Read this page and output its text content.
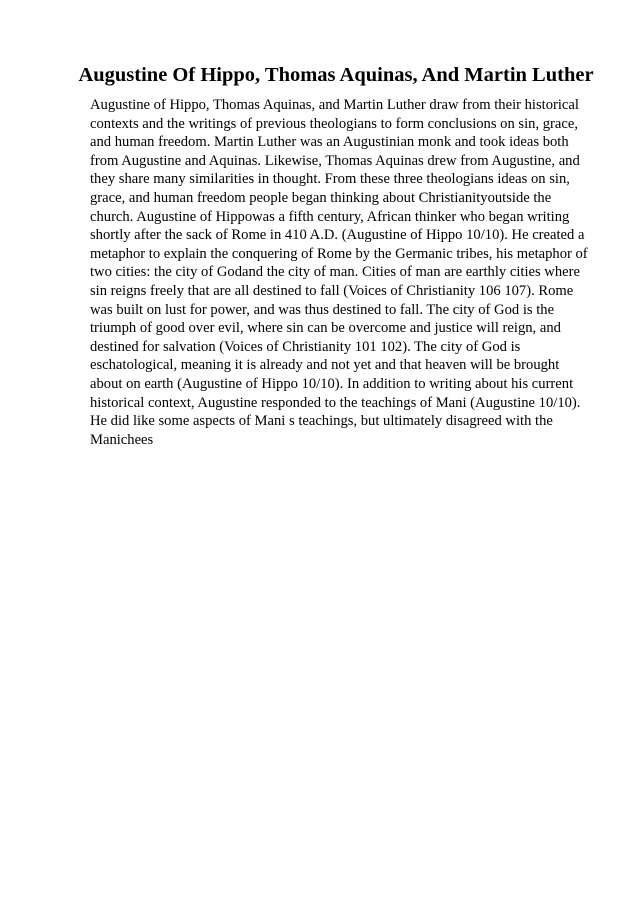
Augustine Of Hippo, Thomas Aquinas, And Martin Luther
Augustine of Hippo, Thomas Aquinas, and Martin Luther draw from their historical
contexts and the writings of previous theologians to form conclusions on sin, grace,
and human freedom. Martin Luther was an Augustinian monk and took ideas both
from Augustine and Aquinas. Likewise, Thomas Aquinas drew from Augustine, and
they share many similarities in thought. From these three theologians ideas on sin,
grace, and human freedom people began thinking about Christianityoutside the
church. Augustine of Hippowas a fifth century, African thinker who began writing
shortly after the sack of Rome in 410 A.D. (Augustine of Hippo 10/10). He created a
metaphor to explain the conquering of Rome by the Germanic tribes, his metaphor of
two cities: the city of Godand the city of man. Cities of man are earthly cities where
sin reigns freely that are all destined to fall (Voices of Christianity 106 107). Rome
was built on lust for power, and was thus destined to fall. The city of God is the
triumph of good over evil, where sin can be overcome and justice will reign, and
destined for salvation (Voices of Christianity 101 102). The city of God is
eschatological, meaning it is already and not yet and that heaven will be brought
about on earth (Augustine of Hippo 10/10). In addition to writing about his current
historical context, Augustine responded to the teachings of Mani (Augustine 10/10).
He did like some aspects of Mani s teachings, but ultimately disagreed with the
Manichees
